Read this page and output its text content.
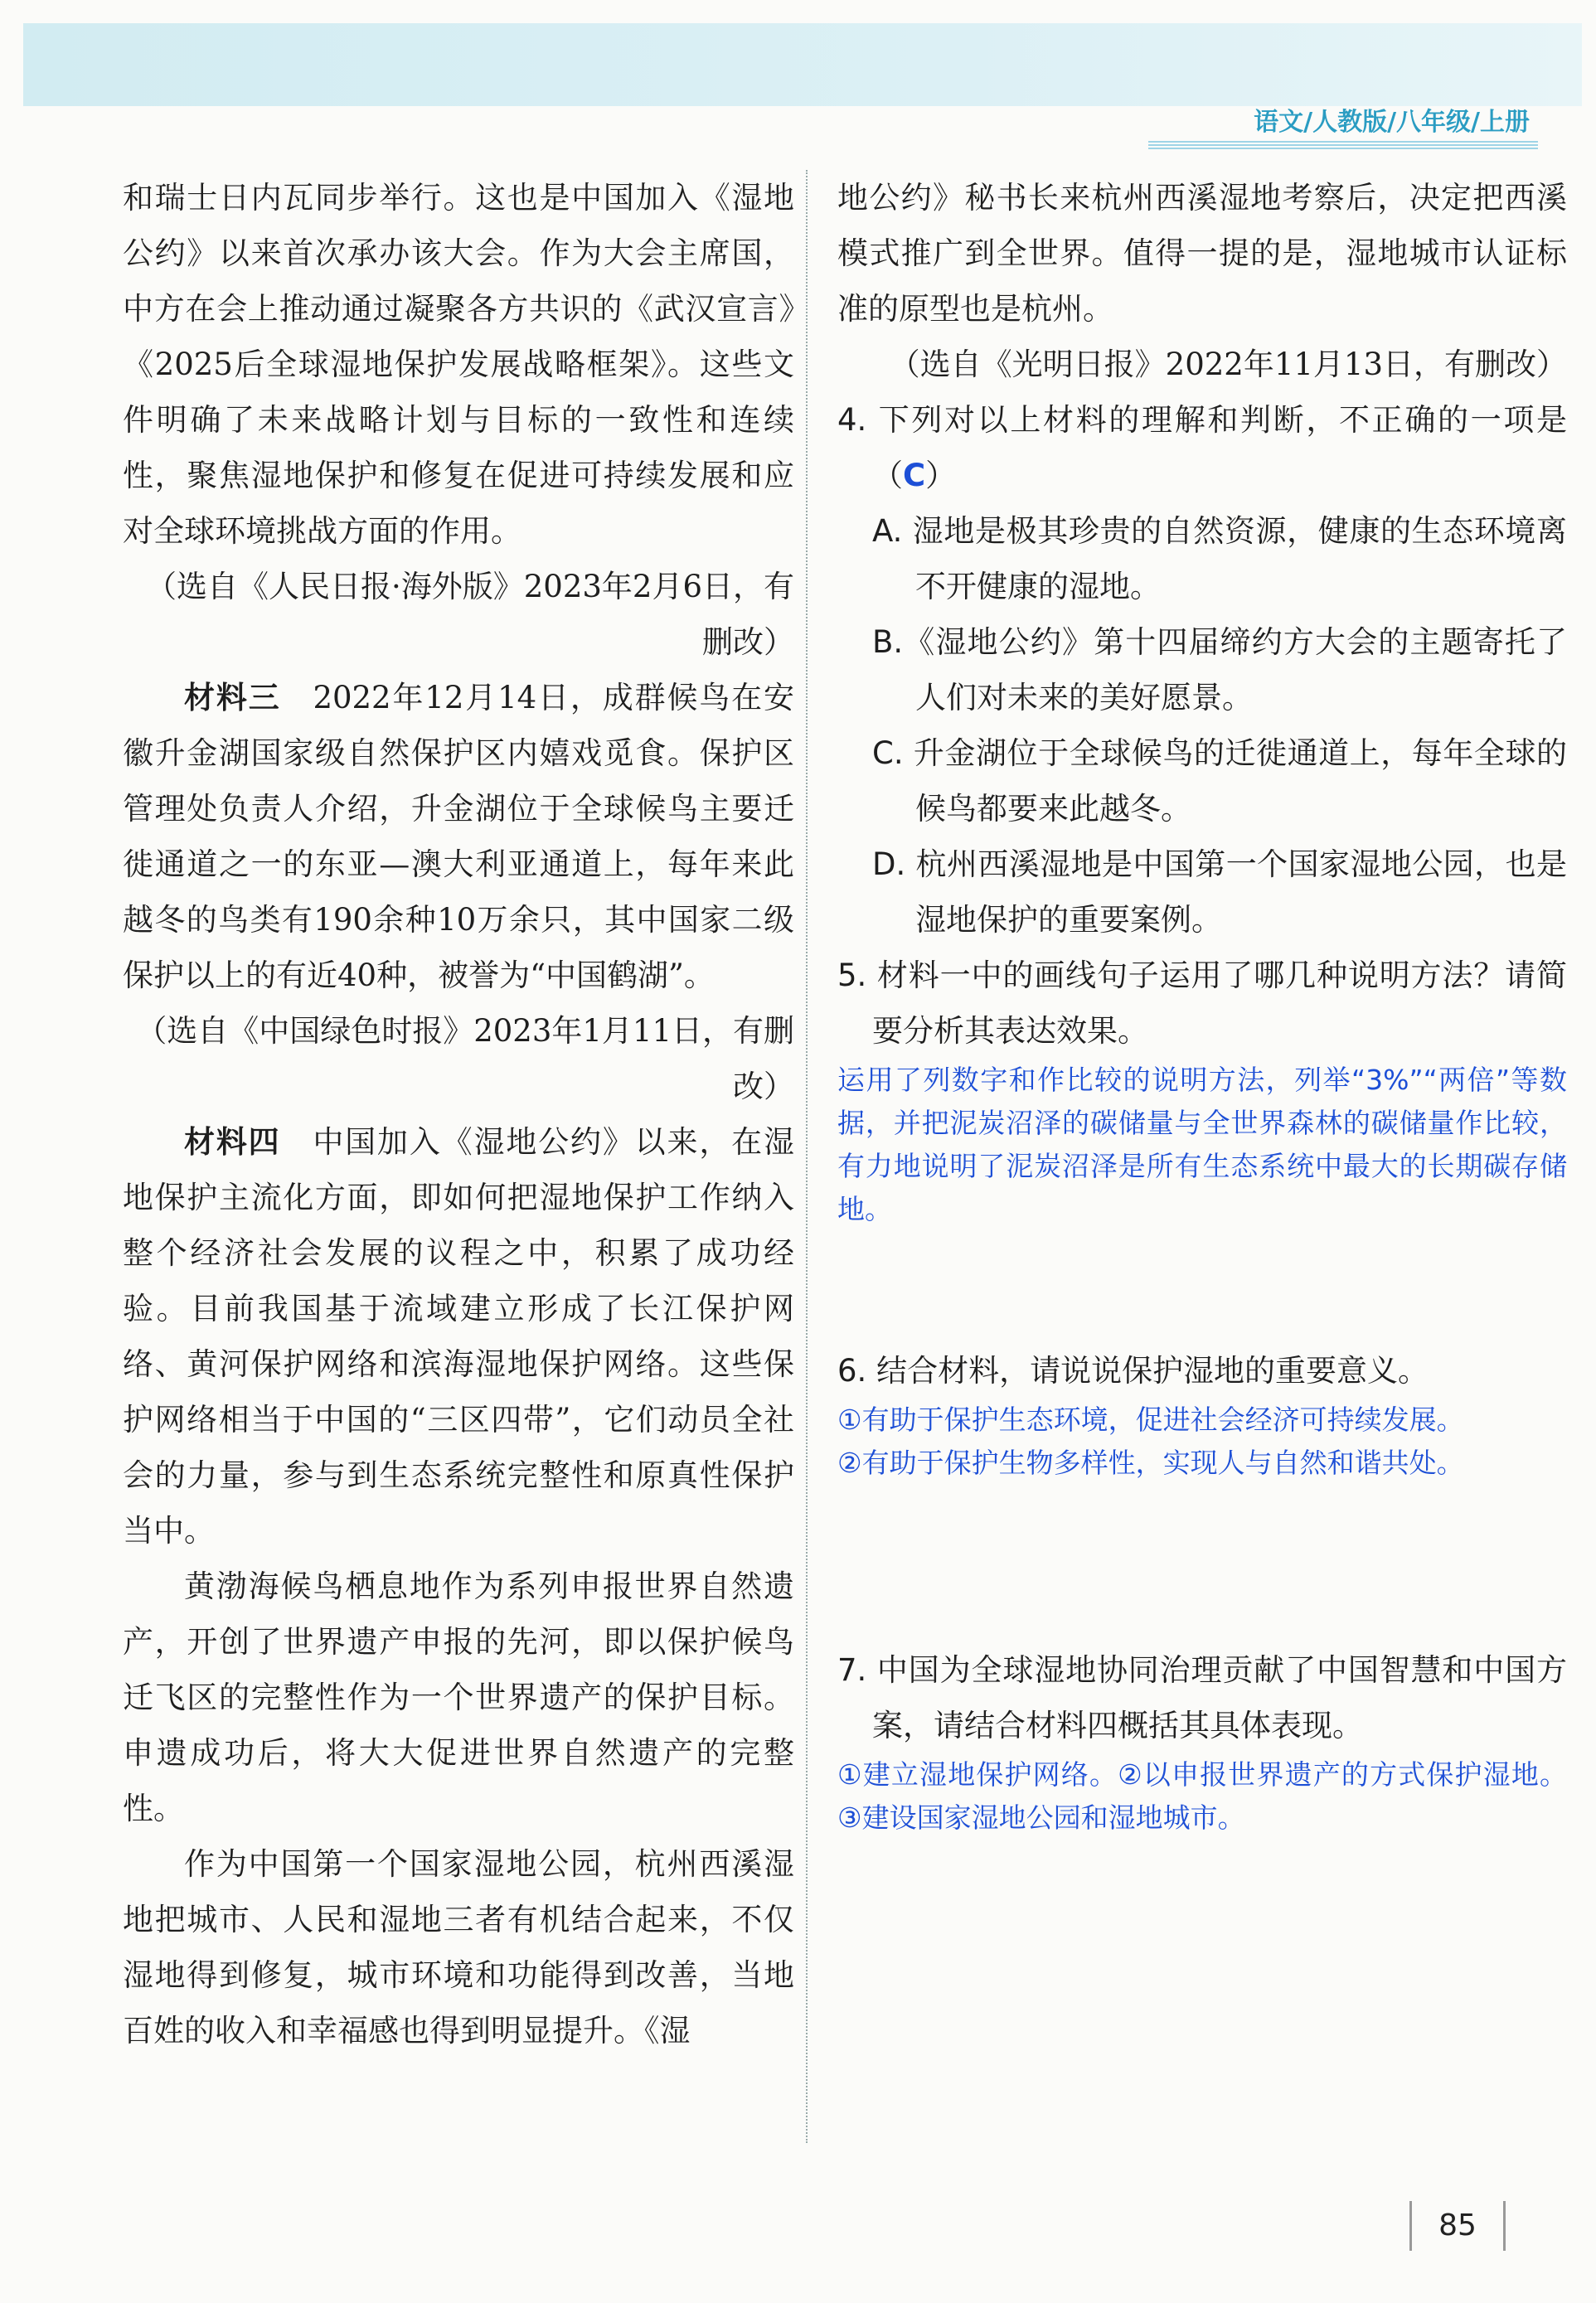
语文/人教版/八年级/上册

和瑞士日内瓦同步举行。这也是中国加入《湿地公约》以来首次承办该大会。作为大会主席国，中方在会上推动通过凝聚各方共识的《武汉宣言》《2025后全球湿地保护发展战略框架》。这些文件明确了未来战略计划与目标的一致性和连续性，聚焦湿地保护和修复在促进可持续发展和应对全球环境挑战方面的作用。

（选自《人民日报·海外版》2023年2月6日，有删改）

材料三　 2022年12月14日，成群候鸟在安徽升金湖国家级自然保护区内嬉戏觅食。保护区管理处负责人介绍，升金湖位于全球候鸟主要迁徙通道之一的东亚—澳大利亚通道上，每年来此越冬的鸟类有190余种10万余只，其中国家二级保护以上的有近40种，被誉为“中国鹤湖”。

（选自《中国绿色时报》2023年1月11日，有删改）

材料四　 中国加入《湿地公约》以来，在湿地保护主流化方面，即如何把湿地保护工作纳入整个经济社会发展的议程之中，积累了成功经验。目前我国基于流域建立形成了长江保护网络、黄河保护网络和滨海湿地保护网络。这些保护网络相当于中国的“三区四带”，它们动员全社会的力量，参与到生态系统完整性和原真性保护当中。

黄渤海候鸟栖息地作为系列申报世界自然遗产，开创了世界遗产申报的先河，即以保护候鸟迁飞区的完整性作为一个世界遗产的保护目标。申遗成功后，将大大促进世界自然遗产的完整性。

作为中国第一个国家湿地公园，杭州西溪湿地把城市、人民和湿地三者有机结合起来，不仅湿地得到修复，城市环境和功能得到改善，当地百姓的收入和幸福感也得到明显提升。《湿

地公约》秘书长来杭州西溪湿地考察后，决定把西溪模式推广到全世界。值得一提的是，湿地城市认证标准的原型也是杭州。

（选自《光明日报》2022年11月13日，有删改）

4. 下列对以上材料的理解和判断，不正确的一项是（C）

A. 湿地是极其珍贵的自然资源，健康的生态环境离不开健康的湿地。

B.《湿地公约》第十四届缔约方大会的主题寄托了人们对未来的美好愿景。

C. 升金湖位于全球候鸟的迁徙通道上，每年全球的候鸟都要来此越冬。

D. 杭州西溪湿地是中国第一个国家湿地公园，也是湿地保护的重要案例。

5. 材料一中的画线句子运用了哪几种说明方法？请简要分析其表达效果。

运用了列数字和作比较的说明方法，列举“3%”“两倍”等数据，并把泥炭沼泽的碳储量与全世界森林的碳储量作比较，有力地说明了泥炭沼泽是所有生态系统中最大的长期碳存储地。

6. 结合材料，请说说保护湿地的重要意义。

①有助于保护生态环境，促进社会经济可持续发展。

②有助于保护生物多样性，实现人与自然和谐共处。

7. 中国为全球湿地协同治理贡献了中国智慧和中国方案，请结合材料四概括其具体表现。

①建立湿地保护网络。②以申报世界遗产的方式保护湿地。③建设国家湿地公园和湿地城市。

85
